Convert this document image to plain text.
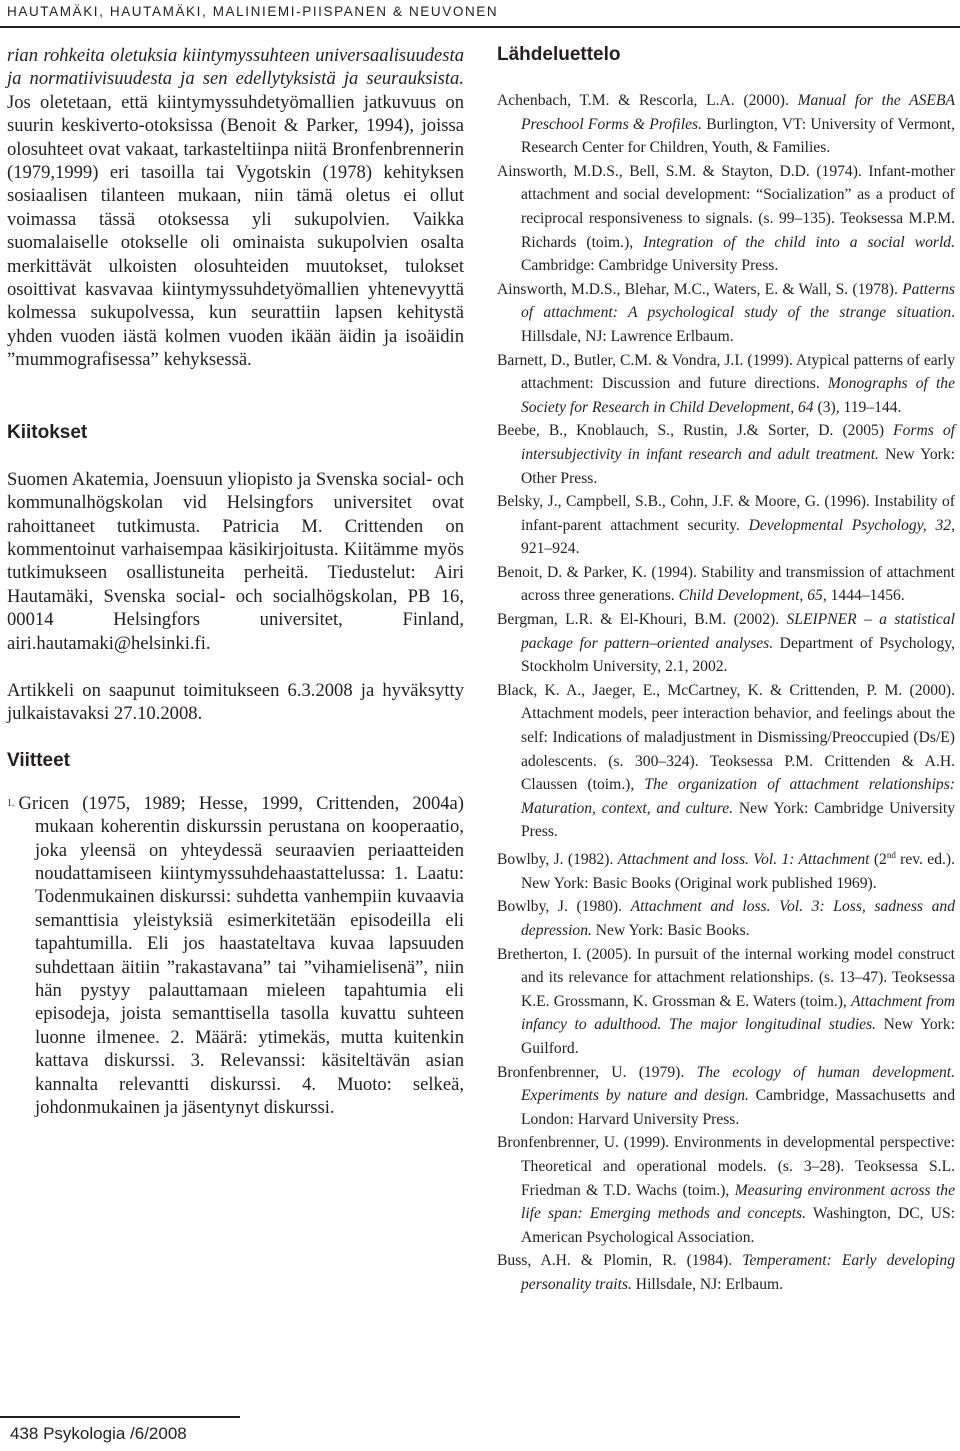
HAUTAMÄKI, HAUTAMÄKI, MALINIEMI-PIISPANEN & NEUVONEN

rian rohkeita oletuksia kiintymyssuhteen universaalisuudesta ja normatiivisuudesta ja sen edellytyksistä ja seurauksista. Jos oletetaan, että kiintymyssuhdetyömallien jatkuvuus on suurin keskiverto-otoksissa (Benoit & Parker, 1994), joissa olosuhteet ovat vakaat, tarkasteltiinpa niitä Bronfenbrennerin (1979,1999) eri tasoilla tai Vygotskin (1978) kehityksen sosiaalisen tilanteen mukaan, niin tämä oletus ei ollut voimassa tässä otoksessa yli sukupolvien. Vaikka suomalaiselle otokselle oli ominaista sukupolvien osalta merkittävät ulkoisten olosuhteiden muutokset, tulokset osoittivat kasvavaa kiintymyssuhdetyömallien yhtenevyyttä kolmessa sukupolvessa, kun seurattiin lapsen kehitystä yhden vuoden iästä kolmen vuoden ikään äidin ja isoäidin ”mummografisessa” kehyksessä.

Kiitokset

Suomen Akatemia, Joensuun yliopisto ja Svenska social- och kommunalhögskolan vid Helsingfors universitet ovat rahoittaneet tutkimusta. Patricia M. Crittenden on kommentoinut varhaisempaa käsikirjoitusta. Kiitämme myös tutkimukseen osallistuneita perheitä. Tiedustelut: Airi Hautamäki, Svenska social- och socialhögskolan, PB 16, 00014 Helsingfors universitet, Finland, airi.hautamaki@helsinki.fi.

Artikkeli on saapunut toimitukseen 6.3.2008 ja hyväksytty julkaistavaksi 27.10.2008.

Viitteet

$^{1.}$ Gricen (1975, 1989; Hesse, 1999, Crittenden, 2004a) mukaan koherentin diskurssin perustana on kooperaatio, joka yleensä on yhteydessä seuraavien periaatteiden noudattamiseen kiintymyssuhdehaastattelussa: 1. Laatu: Todenmukainen diskurssi: suhdetta vanhempiin kuvaavia semanttisia yleistyksiä esimerkitetään episodeilla eli tapahtumilla. Eli jos haastateltava kuvaa lapsuuden suhdettaan äitiin ”rakastavana” tai ”vihamielisenä”, niin hän pystyy palauttamaan mieleen tapahtumia eli episodeja, joista semanttisella tasolla kuvattu suhteen luonne ilmenee. 2. Määrä: ytimekäs, mutta kuitenkin kattava diskurssi. 3. Relevanssi: käsiteltävän asian kannalta relevantti diskurssi. 4. Muoto: selkeä, johdonmukainen ja jäsentynyt diskurssi.

Lähdeluettelo

Achenbach, T.M. & Rescorla, L.A. (2000). Manual for the ASEBA Preschool Forms & Profiles. Burlington, VT: University of Vermont, Research Center for Children, Youth, & Families.

Ainsworth, M.D.S., Bell, S.M. & Stayton, D.D. (1974). Infant-mother attachment and social development: “Socialization” as a product of reciprocal responsiveness to signals. (s. 99–135). Teoksessa M.P.M. Richards (toim.), Integration of the child into a social world. Cambridge: Cambridge University Press.

Ainsworth, M.D.S., Blehar, M.C., Waters, E. & Wall, S. (1978). Patterns of attachment: A psychological study of the strange situation. Hillsdale, NJ: Lawrence Erlbaum.

Barnett, D., Butler, C.M. & Vondra, J.I. (1999). Atypical patterns of early attachment: Discussion and future directions. Monographs of the Society for Research in Child Development, 64 (3), 119–144.

Beebe, B., Knoblauch, S., Rustin, J.& Sorter, D. (2005) Forms of intersubjectivity in infant research and adult treatment. New York: Other Press.

Belsky, J., Campbell, S.B., Cohn, J.F. & Moore, G. (1996). Instability of infant-parent attachment security. Developmental Psychology, 32, 921–924.

Benoit, D. & Parker, K. (1994). Stability and transmission of attachment across three generations. Child Development, 65, 1444–1456.

Bergman, L.R. & El-Khouri, B.M. (2002). SLEIPNER – a statistical package for pattern–oriented analyses. Department of Psychology, Stockholm University, 2.1, 2002.

Black, K. A., Jaeger, E., McCartney, K. & Crittenden, P. M. (2000). Attachment models, peer interaction behavior, and feelings about the self: Indications of maladjustment in Dismissing/Preoccupied (Ds/E) adolescents. (s. 300–324). Teoksessa P.M. Crittenden & A.H. Claussen (toim.), The organization of attachment relationships: Maturation, context, and culture. New York: Cambridge University Press.

Bowlby, J. (1982). Attachment and loss. Vol. 1: Attachment (2nd rev. ed.). New York: Basic Books (Original work published 1969).

Bowlby, J. (1980). Attachment and loss. Vol. 3: Loss, sadness and depression. New York: Basic Books.

Bretherton, I. (2005). In pursuit of the internal working model construct and its relevance for attachment relationships. (s. 13–47). Teoksessa K.E. Grossmann, K. Grossman & E. Waters (toim.), Attachment from infancy to adulthood. The major longitudinal studies. New York: Guilford.

Bronfenbrenner, U. (1979). The ecology of human development. Experiments by nature and design. Cambridge, Massachusetts and London: Harvard University Press.

Bronfenbrenner, U. (1999). Environments in developmental perspective: Theoretical and operational models. (s. 3–28). Teoksessa S.L. Friedman & T.D. Wachs (toim.), Measuring environment across the life span: Emerging methods and concepts. Washington, DC, US: American Psychological Association.

Buss, A.H. & Plomin, R. (1984). Temperament: Early developing personality traits. Hillsdale, NJ: Erlbaum.

438 Psykologia /6/2008
